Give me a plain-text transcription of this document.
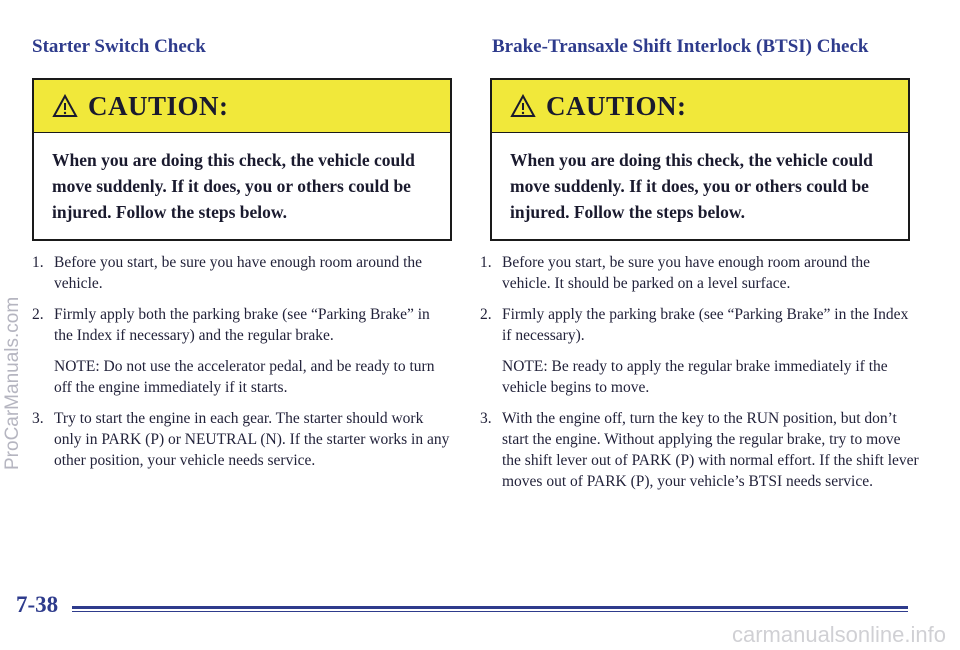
Starter Switch Check
CAUTION:
When you are doing this check, the vehicle could move suddenly. If it does, you or others could be injured. Follow the steps below.
1. Before you start, be sure you have enough room around the vehicle.
2. Firmly apply both the parking brake (see “Parking Brake” in the Index if necessary) and the regular brake.
NOTE: Do not use the accelerator pedal, and be ready to turn off the engine immediately if it starts.
3. Try to start the engine in each gear. The starter should work only in PARK (P) or NEUTRAL (N). If the starter works in any other position, your vehicle needs service.
Brake-Transaxle Shift Interlock (BTSI) Check
CAUTION:
When you are doing this check, the vehicle could move suddenly. If it does, you or others could be injured. Follow the steps below.
1. Before you start, be sure you have enough room around the vehicle. It should be parked on a level surface.
2. Firmly apply the parking brake (see “Parking Brake” in the Index if necessary).
NOTE: Be ready to apply the regular brake immediately if the vehicle begins to move.
3. With the engine off, turn the key to the RUN position, but don’t start the engine. Without applying the regular brake, try to move the shift lever out of PARK (P) with normal effort. If the shift lever moves out of PARK (P), your vehicle’s BTSI needs service.
7-38
ProCarManuals.com
carmanualsonline.info
